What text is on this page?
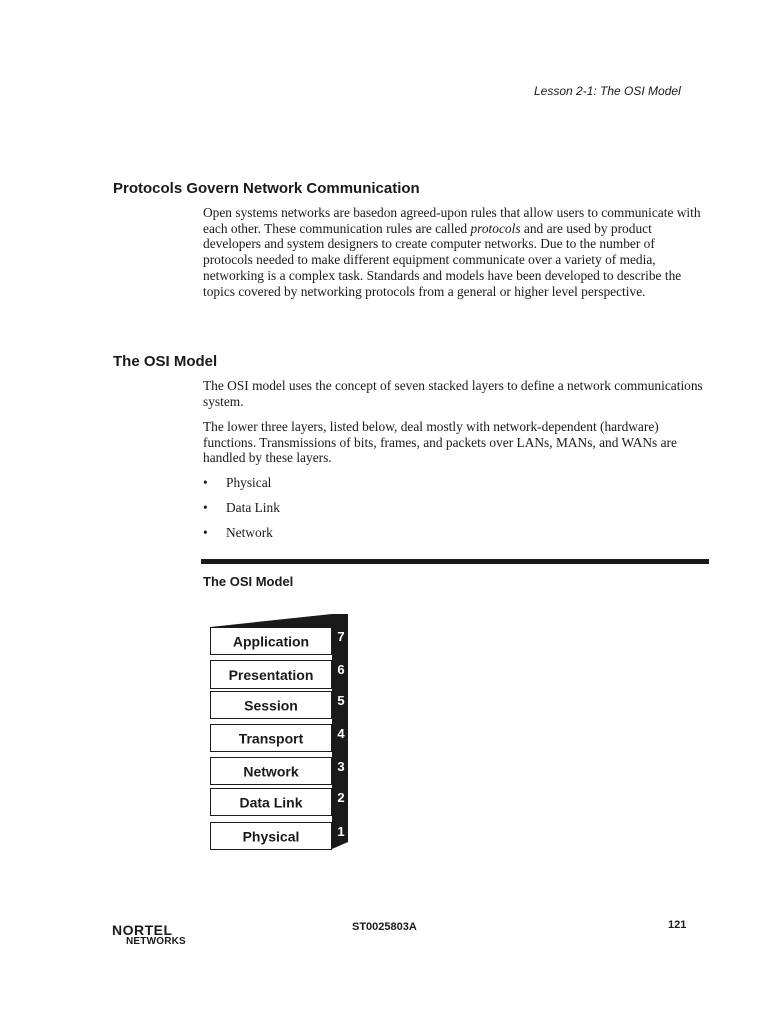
Lesson 2-1: The OSI Model
Protocols Govern Network Communication
Open systems networks are basedon agreed-upon rules that allow users to communicate with each other. These communication rules are called protocols and are used by product developers and system designers to create computer networks. Due to the number of protocols needed to make different equipment communicate over a variety of media, networking is a complex task. Standards and models have been developed to describe the topics covered by networking protocols from a general or higher level perspective.
The OSI Model
The OSI model uses the concept of seven stacked layers to define a network communications system.
The lower three layers, listed below, deal mostly with network-dependent (hardware) functions. Transmissions of bits, frames, and packets over LANs, MANs, and WANs are handled by these layers.
• Physical
• Data Link
• Network
The OSI Model
Application 7
Presentation 6
Session	5
Transport	4
Network	3
Data Link	2
Physical	1
NORTEL
NETWORKS
ST0025803A	121
